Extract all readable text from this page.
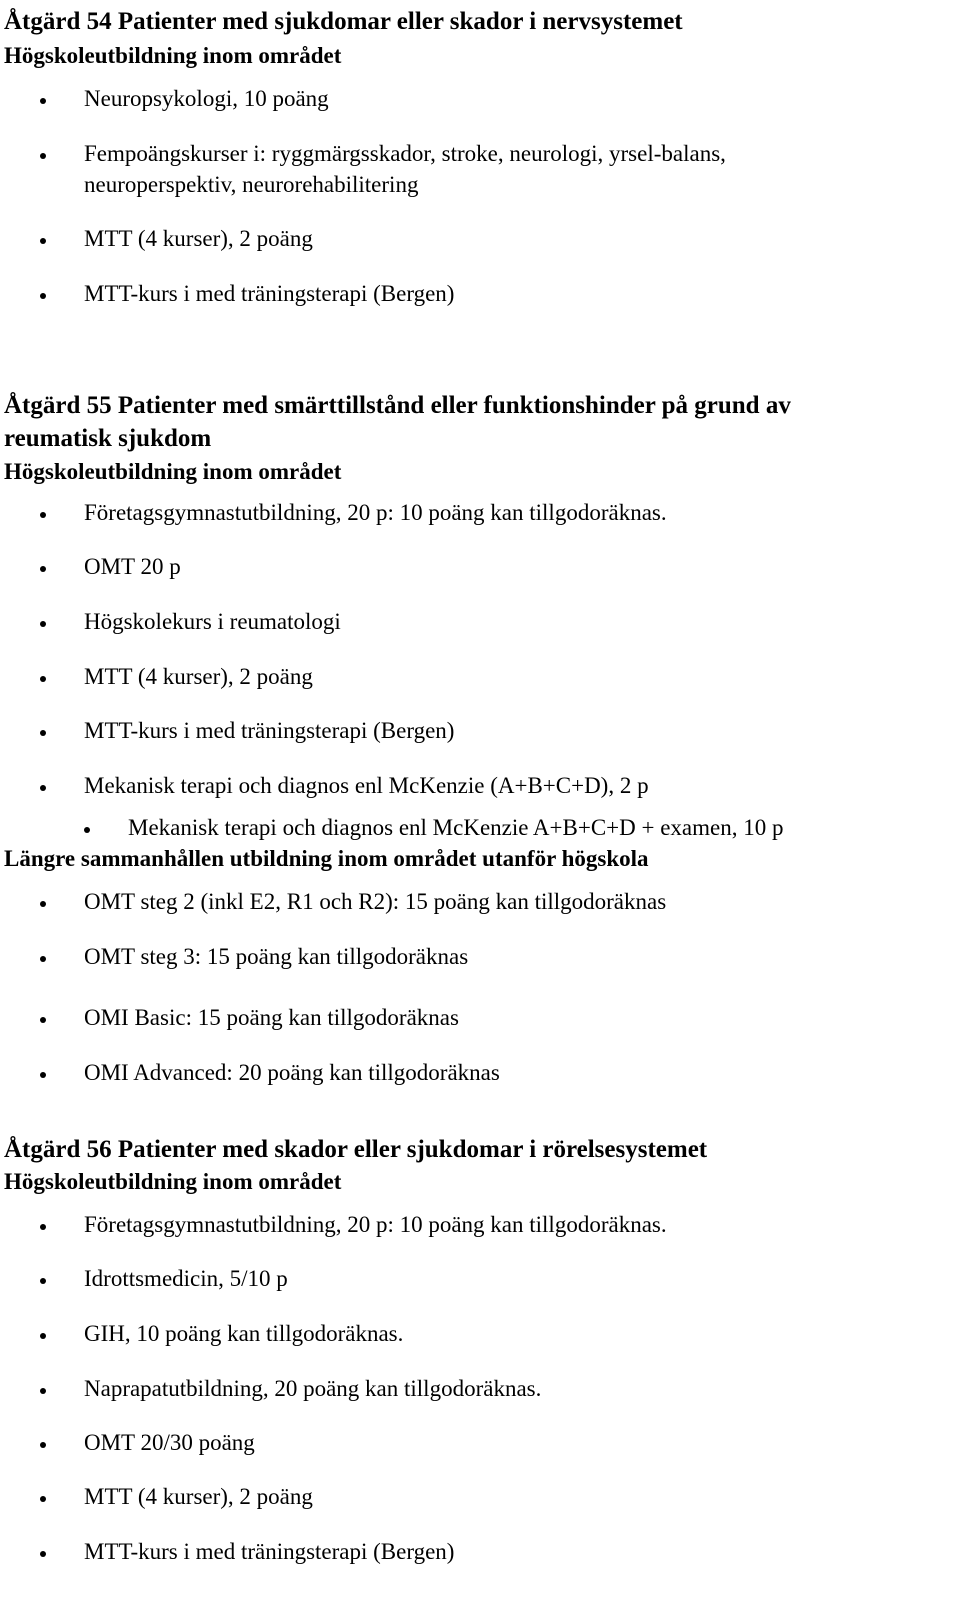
Åtgärd 54 Patienter med sjukdomar eller skador i nervsystemet
Högskoleutbildning inom området
Neuropsykologi, 10 poäng
Fempoängskurser i: ryggmärgsskador, stroke, neurologi, yrsel-balans,
neuroperspektiv, neurorehabilitering
MTT (4 kurser), 2 poäng
MTT-kurs i med träningsterapi (Bergen)
Åtgärd 55 Patienter med smärttillstånd eller funktionshinder på grund av
reumatisk sjukdom
Högskoleutbildning inom området
Företagsgymnastutbildning, 20 p: 10 poäng kan tillgodoräknas.
OMT 20 p
Högskolekurs i reumatologi
MTT (4 kurser), 2 poäng
MTT-kurs i med träningsterapi (Bergen)
Mekanisk terapi och diagnos enl McKenzie (A+B+C+D), 2 p
Mekanisk terapi och diagnos enl McKenzie A+B+C+D + examen, 10 p
Längre sammanhållen utbildning inom området utanför högskola
OMT steg 2 (inkl E2, R1 och R2): 15 poäng kan tillgodoräknas
OMT steg 3: 15 poäng kan tillgodoräknas
OMI Basic: 15 poäng kan tillgodoräknas
OMI Advanced: 20 poäng kan tillgodoräknas
Åtgärd 56 Patienter med skador eller sjukdomar i rörelsesystemet
Högskoleutbildning inom området
Företagsgymnastutbildning, 20 p: 10 poäng kan tillgodoräknas.
Idrottsmedicin, 5/10 p
GIH, 10 poäng kan tillgodoräknas.
Naprapatutbildning, 20 poäng kan tillgodoräknas.
OMT 20/30 poäng
MTT (4 kurser), 2 poäng
MTT-kurs i med träningsterapi (Bergen)
